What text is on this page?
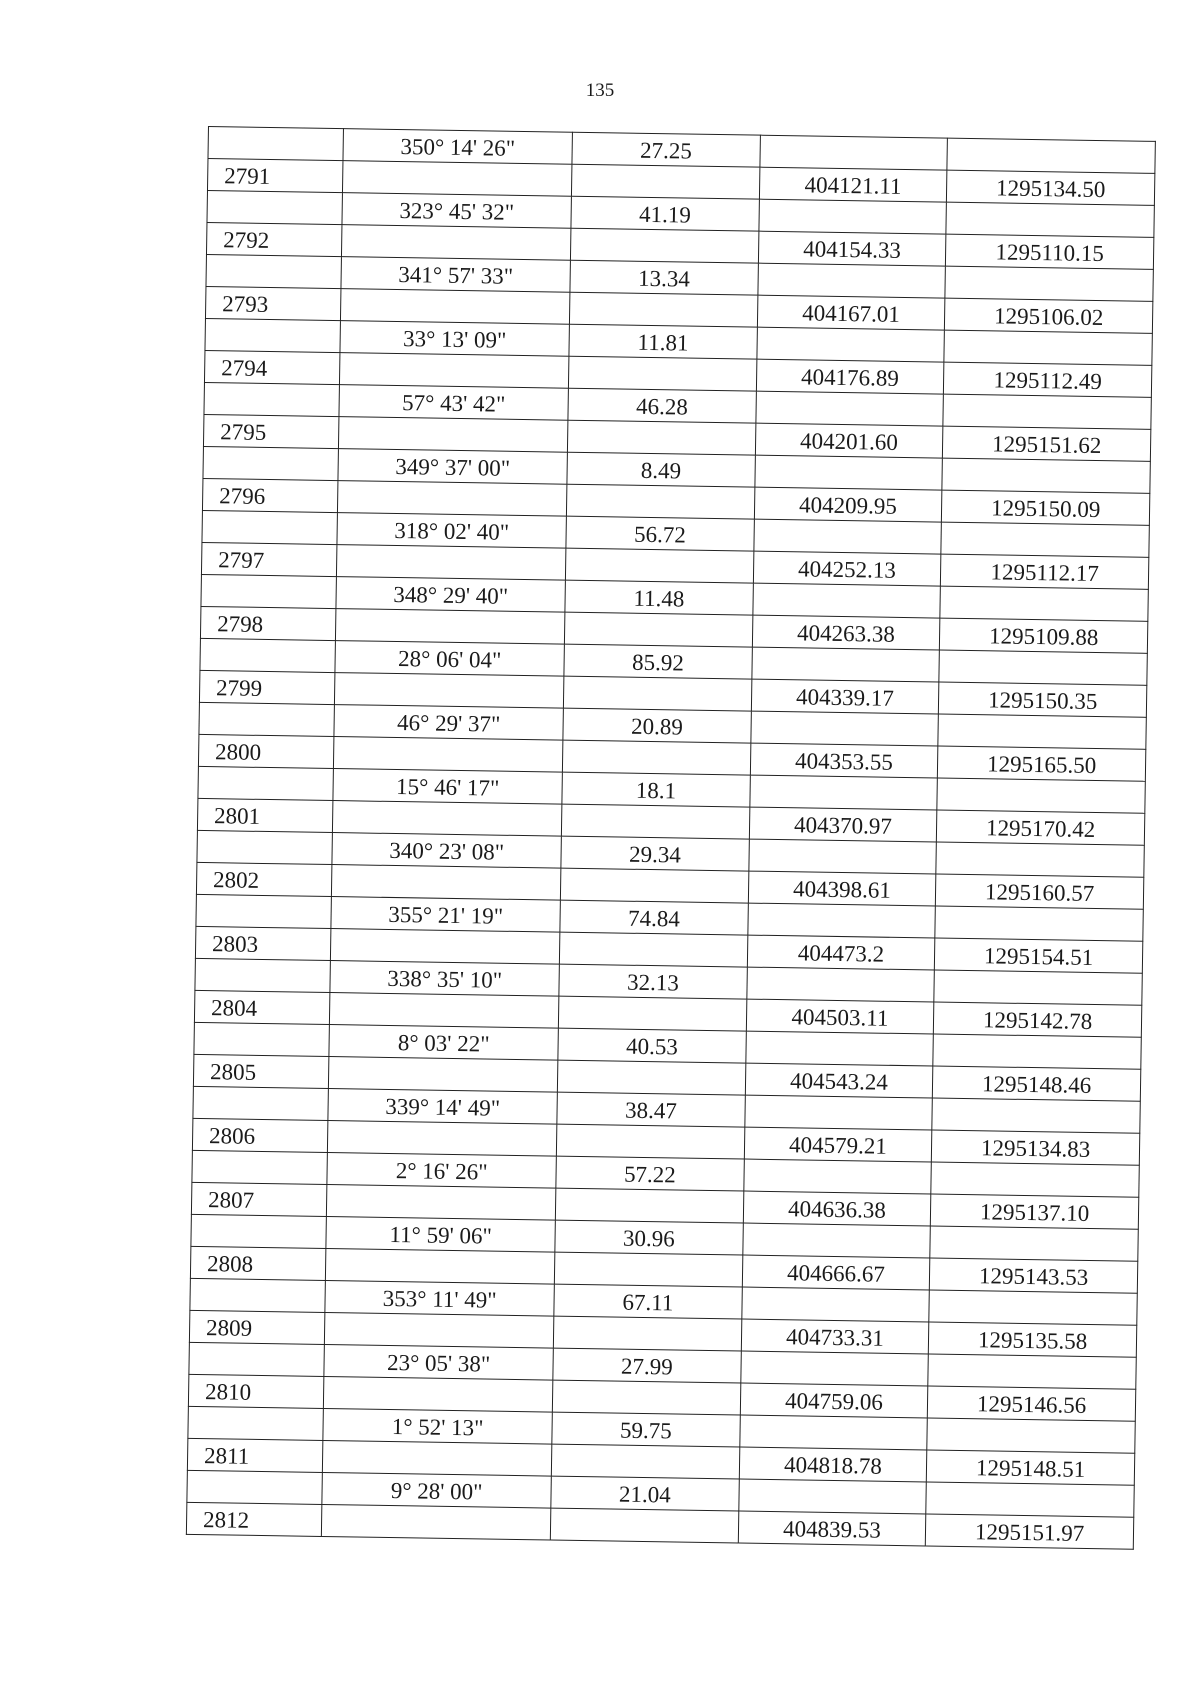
135

	350° 14' 26"	27.25		

2791			404121.11	1295134.50

	323° 45' 32"	41.19		

2792			404154.33	1295110.15

	341° 57' 33"	13.34		

2793			404167.01	1295106.02

	33° 13' 09"	11.81		

2794			404176.89	1295112.49

	57° 43' 42"	46.28		

2795			404201.60	1295151.62

	349° 37' 00"	8.49		

2796			404209.95	1295150.09

	318° 02' 40"	56.72		

2797			404252.13	1295112.17

	348° 29' 40"	11.48		

2798			404263.38	1295109.88

	28° 06' 04"	85.92		

2799			404339.17	1295150.35

	46° 29' 37"	20.89		

2800			404353.55	1295165.50

	15° 46' 17"	18.1		

2801			404370.97	1295170.42

	340° 23' 08"	29.34		

2802			404398.61	1295160.57

	355° 21' 19"	74.84		

2803			404473.2	1295154.51

	338° 35' 10"	32.13		

2804			404503.11	1295142.78

	8° 03' 22"	40.53		

2805			404543.24	1295148.46

	339° 14' 49"	38.47		

2806			404579.21	1295134.83

	2° 16' 26"	57.22		

2807			404636.38	1295137.10

	11° 59' 06"	30.96		

2808			404666.67	1295143.53

	353° 11' 49"	67.11		

2809			404733.31	1295135.58

	23° 05' 38"	27.99		

2810			404759.06	1295146.56

	1° 52' 13"	59.75		

2811			404818.78	1295148.51

	9° 28' 00"	21.04		

2812			404839.53	1295151.97
